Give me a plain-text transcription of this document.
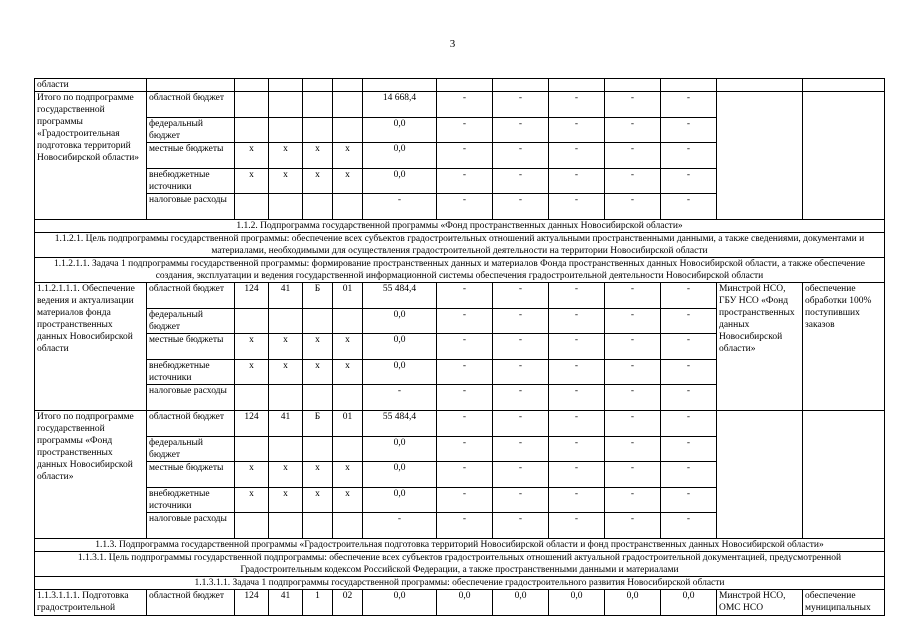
3
области													
Итого по подпрограмме государственной программы «Градостроительная подготовка территорий Новосибирской области»	областной бюджет					14 668,4	-	-	-	-	-		
	федеральный бюджет					0,0	-	-	-	-	-		
	местные бюджеты	x	x	x	x	0,0	-	-	-	-	-		
	внебюджетные источники	x	x	x	x	0,0	-	-	-	-	-		
	налоговые расходы					-	-	-	-	-	-		
1.1.2. Подпрограмма государственной программы «Фонд пространственных данных Новосибирской области»													
1.1.2.1. Цель подпрограммы государственной программы: обеспечение всех субъектов градостроительных отношений актуальными пространственными данными, а также сведениями, документами и материалами, необходимыми для осуществления градостроительной деятельности на территории Новосибирской области													
1.1.2.1.1. Задача 1 подпрограммы государственной программы: формирование пространственных данных и материалов Фонда пространственных данных Новосибирской области, а также обеспечение создания, эксплуатации и ведения государственной информационной системы обеспечения градостроительной деятельности Новосибирской области													
1.1.2.1.1.1. Обеспечение ведения и актуализации материалов фонда пространственных данных Новосибирской области	областной бюджет	124	41	Б	01	55 484,4	-	-	-	-	-	Минстрой НСО, ГБУ НСО «Фонд пространственных данных Новосибирской области»	обеспечение обработки 100% поступивших заказов
	федеральный бюджет					0,0	-	-	-	-	-		
	местные бюджеты	x	x	x	x	0,0	-	-	-	-	-		
	внебюджетные источники	x	x	x	x	0,0	-	-	-	-	-		
	налоговые расходы					-	-	-	-	-	-		
Итого по подпрограмме государственной программы «Фонд пространственных данных Новосибирской области»	областной бюджет	124	41	Б	01	55 484,4	-	-	-	-	-		
	федеральный бюджет					0,0	-	-	-	-	-		
	местные бюджеты	x	x	x	x	0,0	-	-	-	-	-		
	внебюджетные источники	x	x	x	x	0,0	-	-	-	-	-		
	налоговые расходы					-	-	-	-	-	-		
1.1.3. Подпрограмма государственной программы «Градостроительная подготовка территорий Новосибирской области и фонд пространственных данных Новосибирской области»													
1.1.3.1. Цель подпрограммы государственной подпрограммы: обеспечение всех субъектов градостроительных отношений актуальной градостроительной документацией, предусмотренной Градостроительным кодексом Российской Федерации, а также пространственными данными и материалами													
1.1.3.1.1. Задача 1 подпрограммы государственной программы: обеспечение градостроительного развития Новосибирской области													
1.1.3.1.1.1. Подготовка градостроительной	областной бюджет	124	41	1	02	0,0	0,0	0,0	0,0	0,0	0,0	Минстрой НСО, ОМС НСО	обеспечение муниципальных
